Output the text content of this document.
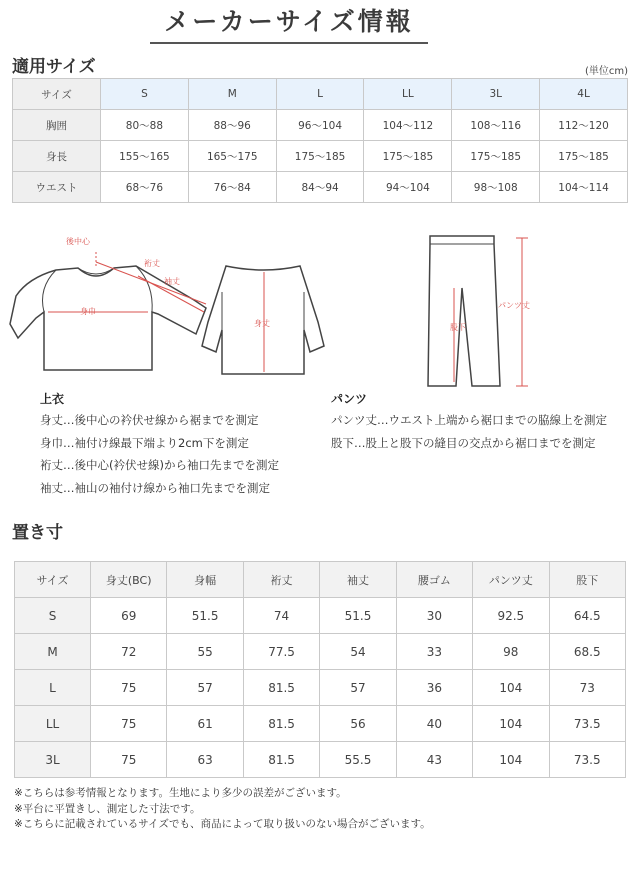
メーカーサイズ情報
適用サイズ	(単位cm)
サイズ	S	M	L	LL	3L	4L
胸囲	80〜88	88〜96	96〜104	104〜112	108〜116	112〜120
身長	155〜165	165〜175	175〜185	175〜185	175〜185	175〜185
ウエスト	68〜76	76〜84	84〜94	94〜104	98〜108	104〜114
後中心
裄丈
袖丈
身巾
身丈
パンツ丈
股下
上衣
身丈…後中心の衿伏せ線から裾までを測定
身巾…袖付け線最下端より2cm下を測定
裄丈…後中心(衿伏せ線)から袖口先までを測定
袖丈…袖山の袖付け線から袖口先までを測定
パンツ
パンツ丈…ウエスト上端から裾口までの脇線上を測定
股下…股上と股下の縫目の交点から裾口までを測定
置き寸
サイズ	身丈(BC)	身幅	裄丈	袖丈	腰ゴム	パンツ丈	股下
S	69	51.5	74	51.5	30	92.5	64.5
M	72	55	77.5	54	33	98	68.5
L	75	57	81.5	57	36	104	73
LL	75	61	81.5	56	40	104	73.5
3L	75	63	81.5	55.5	43	104	73.5
※こちらは参考情報となります。生地により多少の誤差がございます。
※平台に平置きし、測定した寸法です。
※こちらに記載されているサイズでも、商品によって取り扱いのない場合がございます。
